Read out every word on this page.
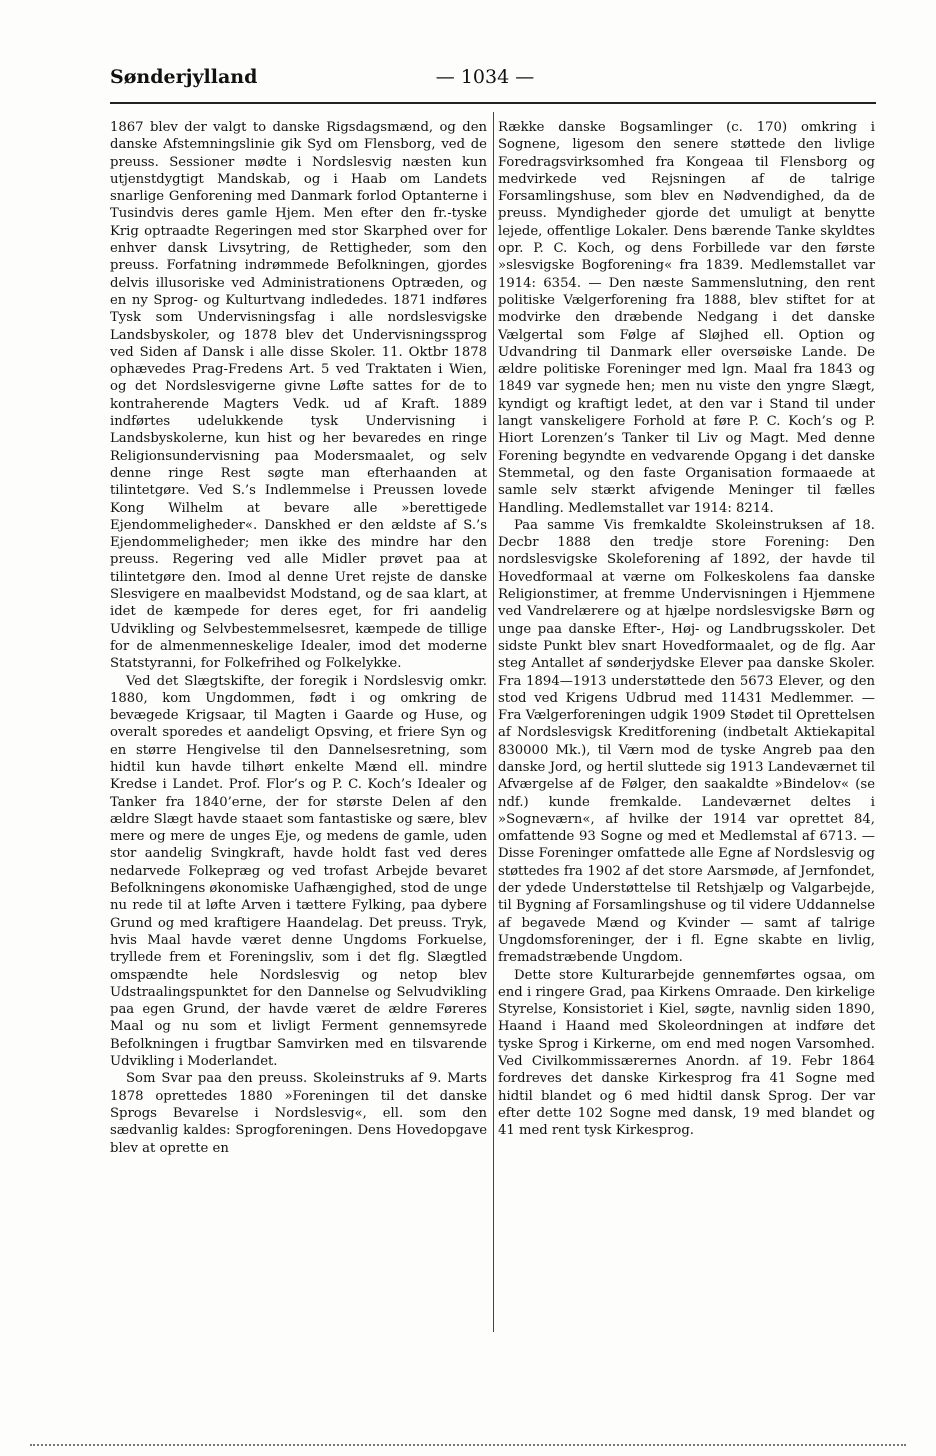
Sønderjylland	— 1034 —

1867 blev der valgt to danske Rigsdagsmænd, og den danske Afstemningslinie gik Syd om Flensborg, ved de preuss. Sessioner mødte i Nordslesvig næsten kun utjenstdygtigt Mandskab, og i Haab om Landets snarlige Genforening med Danmark forlod Optanterne i Tusindvis deres gamle Hjem. Men efter den fr.-tyske Krig optraadte Regeringen med stor Skarphed over for enhver dansk Livsytring, de Rettigheder, som den preuss. Forfatning indrømmede Befolkningen, gjordes delvis illusoriske ved Administrationens Optræden, og en ny Sprog- og Kulturtvang indlededes. 1871 indføres Tysk som Undervisningsfag i alle nordslesvigske Landsbyskoler, og 1878 blev det Undervisningssprog ved Siden af Dansk i alle disse Skoler. 11. Oktbr 1878 ophævedes Prag-Fredens Art. 5 ved Traktaten i Wien, og det Nordslesvigerne givne Løfte sattes for de to kontraherende Magters Vedk. ud af Kraft. 1889 indførtes udelukkende tysk Undervisning i Landsbyskolerne, kun hist og her bevaredes en ringe Religionsundervisning paa Modersmaalet, og selv denne ringe Rest søgte man efterhaanden at tilintetgøre. Ved S.’s Indlemmelse i Preussen lovede Kong Wilhelm at bevare alle »berettigede Ejendommeligheder«. Danskhed er den ældste af S.’s Ejendommeligheder; men ikke des mindre har den preuss. Regering ved alle Midler prøvet paa at tilintetgøre den. Imod al denne Uret rejste de danske Slesvigere en maalbevidst Modstand, og de saa klart, at idet de kæmpede for deres eget, for fri aandelig Udvikling og Selvbestemmelsesret, kæmpede de tillige for de almenmenneskelige Idealer, imod det moderne Statstyranni, for Folkefrihed og Folkelykke.

Ved det Slægtskifte, der foregik i Nordslesvig omkr. 1880, kom Ungdommen, født i og omkring de bevægede Krigsaar, til Magten i Gaarde og Huse, og overalt sporedes et aandeligt Opsving, et friere Syn og en større Hengivelse til den Dannelsesretning, som hidtil kun havde tilhørt enkelte Mænd ell. mindre Kredse i Landet. Prof. Flor’s og P. C. Koch’s Idealer og Tanker fra 1840’erne, der for største Delen af den ældre Slægt havde staaet som fantastiske og sære, blev mere og mere de unges Eje, og medens de gamle, uden stor aandelig Svingkraft, havde holdt fast ved deres nedarvede Folkepræg og ved trofast Arbejde bevaret Befolkningens økonomiske Uafhængighed, stod de unge nu rede til at løfte Arven i tættere Fylking, paa dybere Grund og med kraftigere Haandelag. Det preuss. Tryk, hvis Maal havde været denne Ungdoms Forkuelse, tryllede frem et Foreningsliv, som i det flg. Slægtled omspændte hele Nordslesvig og netop blev Udstraalingspunktet for den Dannelse og Selvudvikling paa egen Grund, der havde været de ældre Føreres Maal og nu som et livligt Ferment gennemsyrede Befolkningen i frugtbar Samvirken med en tilsvarende Udvikling i Moderlandet.

Som Svar paa den preuss. Skoleinstruks af 9. Marts 1878 oprettedes 1880 »Foreningen til det danske Sprogs Bevarelse i Nordslesvig«, ell. som den sædvanlig kaldes: Sprogforeningen. Dens Hovedopgave blev at oprette en

Række danske Bogsamlinger (c. 170) omkring i Sognene, ligesom den senere støttede den livlige Foredragsvirksomhed fra Kongeaa til Flensborg og medvirkede ved Rejsningen af de talrige Forsamlingshuse, som blev en Nødvendighed, da de preuss. Myndigheder gjorde det umuligt at benytte lejede, offentlige Lokaler. Dens bærende Tanke skyldtes opr. P. C. Koch, og dens Forbillede var den første »slesvigske Bogforening« fra 1839. Medlemstallet var 1914: 6354. — Den næste Sammenslutning, den rent politiske Vælgerforening fra 1888, blev stiftet for at modvirke den dræbende Nedgang i det danske Vælgertal som Følge af Sløjhed ell. Option og Udvandring til Danmark eller oversøiske Lande. De ældre politiske Foreninger med lgn. Maal fra 1843 og 1849 var sygnede hen; men nu viste den yngre Slægt, kyndigt og kraftigt ledet, at den var i Stand til under langt vanskeligere Forhold at føre P. C. Koch’s og P. Hiort Lorenzen’s Tanker til Liv og Magt. Med denne Forening begyndte en vedvarende Opgang i det danske Stemmetal, og den faste Organisation formaaede at samle selv stærkt afvigende Meninger til fælles Handling. Medlemstallet var 1914: 8214.

Paa samme Vis fremkaldte Skoleinstruksen af 18. Decbr 1888 den tredje store Forening: Den nordslesvigske Skoleforening af 1892, der havde til Hovedformaal at værne om Folkeskolens faa danske Religionstimer, at fremme Undervisningen i Hjemmene ved Vandrelærere og at hjælpe nordslesvigske Børn og unge paa danske Efter-, Høj- og Landbrugsskoler. Det sidste Punkt blev snart Hovedformaalet, og de flg. Aar steg Antallet af sønderjydske Elever paa danske Skoler. Fra 1894—1913 understøttede den 5673 Elever, og den stod ved Krigens Udbrud med 11431 Medlemmer. — Fra Vælgerforeningen udgik 1909 Stødet til Oprettelsen af Nordslesvigsk Kreditforening (indbetalt Aktiekapital 830000 Mk.), til Værn mod de tyske Angreb paa den danske Jord, og hertil sluttede sig 1913 Landeværnet til Afværgelse af de Følger, den saakaldte »Bindelov« (se ndf.) kunde fremkalde. Landeværnet deltes i »Sogneværn«, af hvilke der 1914 var oprettet 84, omfattende 93 Sogne og med et Medlemstal af 6713. — Disse Foreninger omfattede alle Egne af Nordslesvig og støttedes fra 1902 af det store Aarsmøde, af Jernfondet, der ydede Understøttelse til Retshjælp og Valgarbejde, til Bygning af Forsamlingshuse og til videre Uddannelse af begavede Mænd og Kvinder — samt af talrige Ungdomsforeninger, der i fl. Egne skabte en livlig, fremadstræbende Ungdom.

Dette store Kulturarbejde gennemførtes ogsaa, om end i ringere Grad, paa Kirkens Omraade. Den kirkelige Styrelse, Konsistoriet i Kiel, søgte, navnlig siden 1890, Haand i Haand med Skoleordningen at indføre det tyske Sprog i Kirkerne, om end med nogen Varsomhed. Ved Civilkommissærernes Anordn. af 19. Febr 1864 fordreves det danske Kirkesprog fra 41 Sogne med hidtil blandet og 6 med hidtil dansk Sprog. Der var efter dette 102 Sogne med dansk, 19 med blandet og 41 med rent tysk Kirkesprog.
